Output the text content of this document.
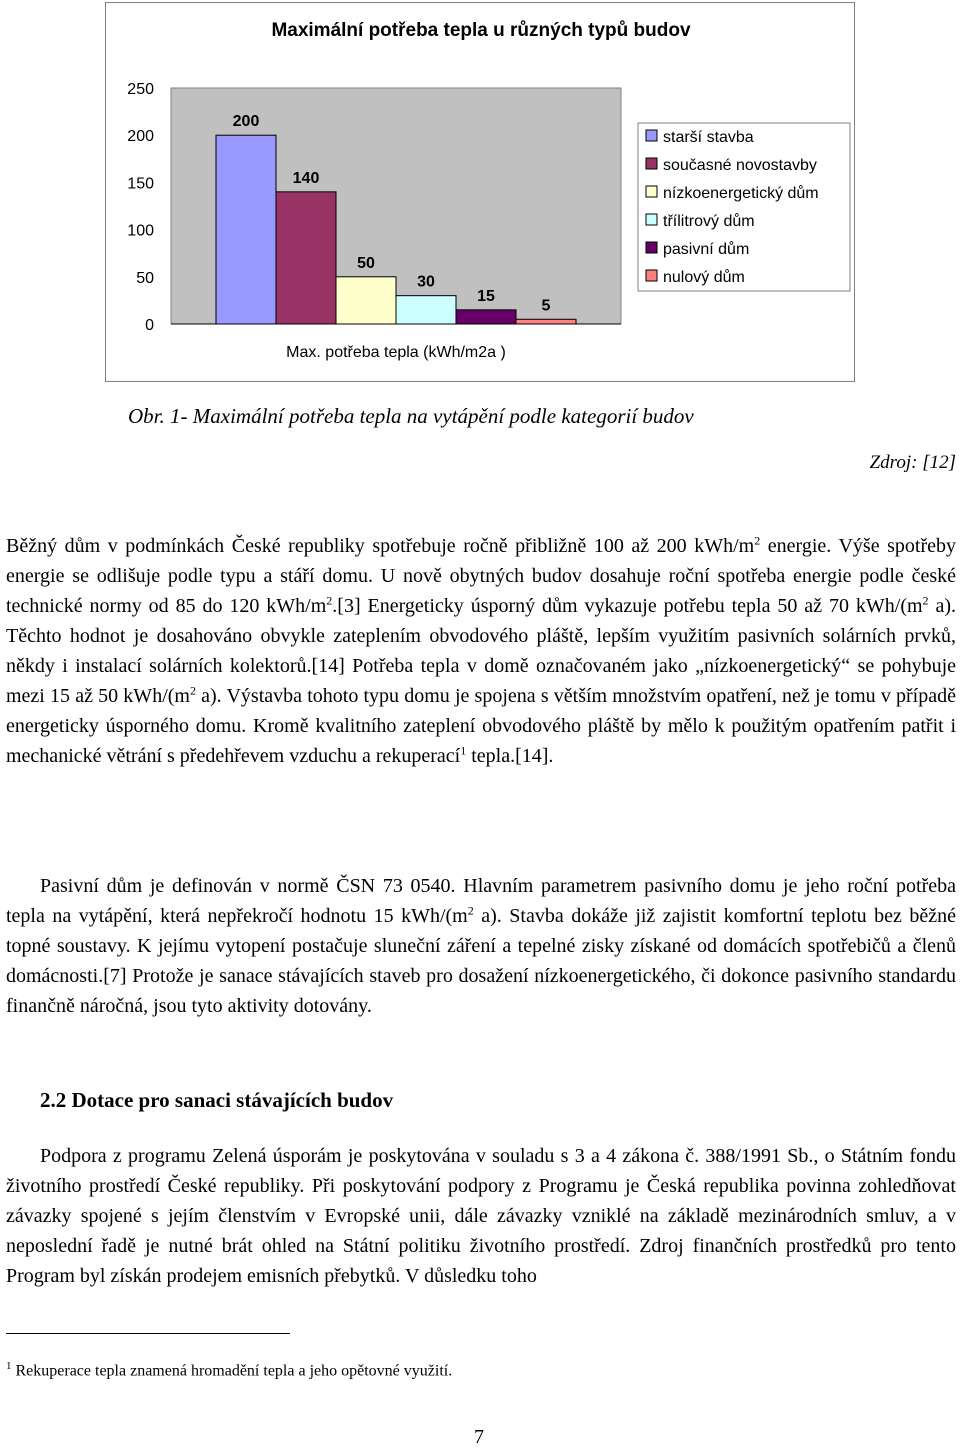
Maximální potřeba tepla u různých typů budov
0
50
100
150
200
250
200
140
50
30
15
5
Max. potřeba tepla (kWh/m2a )
starší stavba
současné novostavby
nízkoenergetický dům
třílitrový dům
pasivní dům
nulový dům
Obr. 1- Maximální potřeba tepla na vytápění podle kategorií budov
Zdroj: [12]

Běžný dům v podmínkách České republiky spotřebuje ročně přibližně 100 až 200 kWh/$m^2$ energie. Výše spotřeby energie se odlišuje podle typu a stáří domu. U nově obytných budov dosahuje roční spotřeba energie podle české technické normy od 85 do 120 kWh/$m^2.[3]$ Energeticky úsporný dům vykazuje potřebu tepla 50 až 70 kWh/($m^2$ a). Těchto hodnot je dosahováno obvykle zateplením obvodového pláště, lepším využitím pasivních solárních prvků, někdy i instalací solárních kolektorů.[14] Potřeba tepla v domě označovaném jako „nízkoenergetický“ se pohybuje mezi 15 až 50 kWh/($m^2$ a). Výstavba tohoto typu domu je spojena s větším množstvím opatření, než je tomu v případě energeticky úsporného domu. Kromě kvalitního zateplení obvodového pláště by mělo k použitým opatřením patřit i mechanické větrání s předehřevem vzduchu a rekuperací$^1$ tepla.[14].

Pasivní dům je definován v normě ČSN 73 0540. Hlavním parametrem pasivního domu je jeho roční potřeba tepla na vytápění, která nepřekročí hodnotu 15 kWh/($m^2$ a). Stavba dokáže již zajistit komfortní teplotu bez běžné topné soustavy. K jejímu vytopení postačuje sluneční záření a tepelné zisky získané od domácích spotřebičů a členů domácnosti.[7] Protože je sanace stávajících staveb pro dosažení nízkoenergetického, či dokonce pasivního standardu finančně náročná, jsou tyto aktivity dotovány.

2.2 Dotace pro sanaci stávajících budov

Podpora z programu Zelená úsporám je poskytována v souladu s 3 a 4 zákona č. 388/1991 Sb., o Státním fondu životního prostředí České republiky. Při poskytování podpory z Programu je Česká republika povinna zohledňovat závazky spojené s jejím členstvím v Evropské unii, dále závazky vzniklé na základě mezinárodních smluv, a v neposlední řadě je nutné brát ohled na Státní politiku životního prostředí. Zdroj finančních prostředků pro tento Program byl získán prodejem emisních přebytků. V důsledku toho

$^1$ Rekuperace tepla znamená hromadění tepla a jeho opětovné využití.
7
